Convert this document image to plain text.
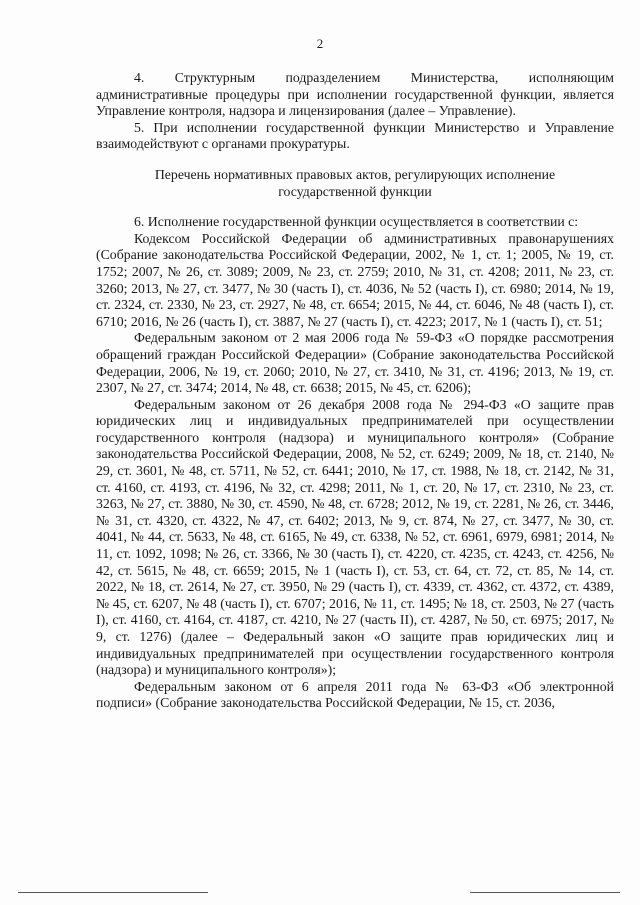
2

4. Структурным подразделением Министерства, исполняющим административные процедуры при исполнении государственной функции, является Управление контроля, надзора и лицензирования (далее – Управление).

5. При исполнении государственной функции Министерство и Управление взаимодействуют с органами прокуратуры.

Перечень нормативных правовых актов, регулирующих исполнение государственной функции

6. Исполнение государственной функции осуществляется в соответствии с:

Кодексом Российской Федерации об административных правонарушениях (Собрание законодательства Российской Федерации, 2002, № 1, ст. 1; 2005, № 19, ст. 1752; 2007, № 26, ст. 3089; 2009, № 23, ст. 2759; 2010, № 31, ст. 4208; 2011, № 23, ст. 3260; 2013, № 27, ст. 3477, № 30 (часть I), ст. 4036, № 52 (часть I), ст. 6980; 2014, № 19, ст. 2324, ст. 2330, № 23, ст. 2927, № 48, ст. 6654; 2015, № 44, ст. 6046, № 48 (часть I), ст. 6710; 2016, № 26 (часть I), ст. 3887, № 27 (часть I), ст. 4223; 2017, № 1 (часть I), ст. 51;

Федеральным законом от 2 мая 2006 года № 59-ФЗ «О порядке рассмотрения обращений граждан Российской Федерации» (Собрание законодательства Российской Федерации, 2006, № 19, ст. 2060; 2010, № 27, ст. 3410, № 31, ст. 4196; 2013, № 19, ст. 2307, № 27, ст. 3474; 2014, № 48, ст. 6638; 2015, № 45, ст. 6206);

Федеральным законом от 26 декабря 2008 года № 294-ФЗ «О защите прав юридических лиц и индивидуальных предпринимателей при осуществлении государственного контроля (надзора) и муниципального контроля» (Собрание законодательства Российской Федерации, 2008, № 52, ст. 6249; 2009, № 18, ст. 2140, № 29, ст. 3601, № 48, ст. 5711, № 52, ст. 6441; 2010, № 17, ст. 1988, № 18, ст. 2142, № 31, ст. 4160, ст. 4193, ст. 4196, № 32, ст. 4298; 2011, № 1, ст. 20, № 17, ст. 2310, № 23, ст. 3263, № 27, ст. 3880, № 30, ст. 4590, № 48, ст. 6728; 2012, № 19, ст. 2281, № 26, ст. 3446, № 31, ст. 4320, ст. 4322, № 47, ст. 6402; 2013, № 9, ст. 874, № 27, ст. 3477, № 30, ст. 4041, № 44, ст. 5633, № 48, ст. 6165, № 49, ст. 6338, № 52, ст. 6961, 6979, 6981; 2014, № 11, ст. 1092, 1098; № 26, ст. 3366, № 30 (часть I), ст. 4220, ст. 4235, ст. 4243, ст. 4256, № 42, ст. 5615, № 48, ст. 6659; 2015, № 1 (часть I), ст. 53, ст. 64, ст. 72, ст. 85, № 14, ст. 2022, № 18, ст. 2614, № 27, ст. 3950, № 29 (часть I), ст. 4339, ст. 4362, ст. 4372, ст. 4389, № 45, ст. 6207, № 48 (часть I), ст. 6707; 2016, № 11, ст. 1495; № 18, ст. 2503, № 27 (часть I), ст. 4160, ст. 4164, ст. 4187, ст. 4210, № 27 (часть II), ст. 4287, № 50, ст. 6975; 2017, № 9, ст. 1276) (далее – Федеральный закон «О защите прав юридических лиц и индивидуальных предпринимателей при осуществлении государственного контроля (надзора) и муниципального контроля»);

Федеральным законом от 6 апреля 2011 года № 63-ФЗ «Об электронной подписи» (Собрание законодательства Российской Федерации, № 15, ст. 2036,
